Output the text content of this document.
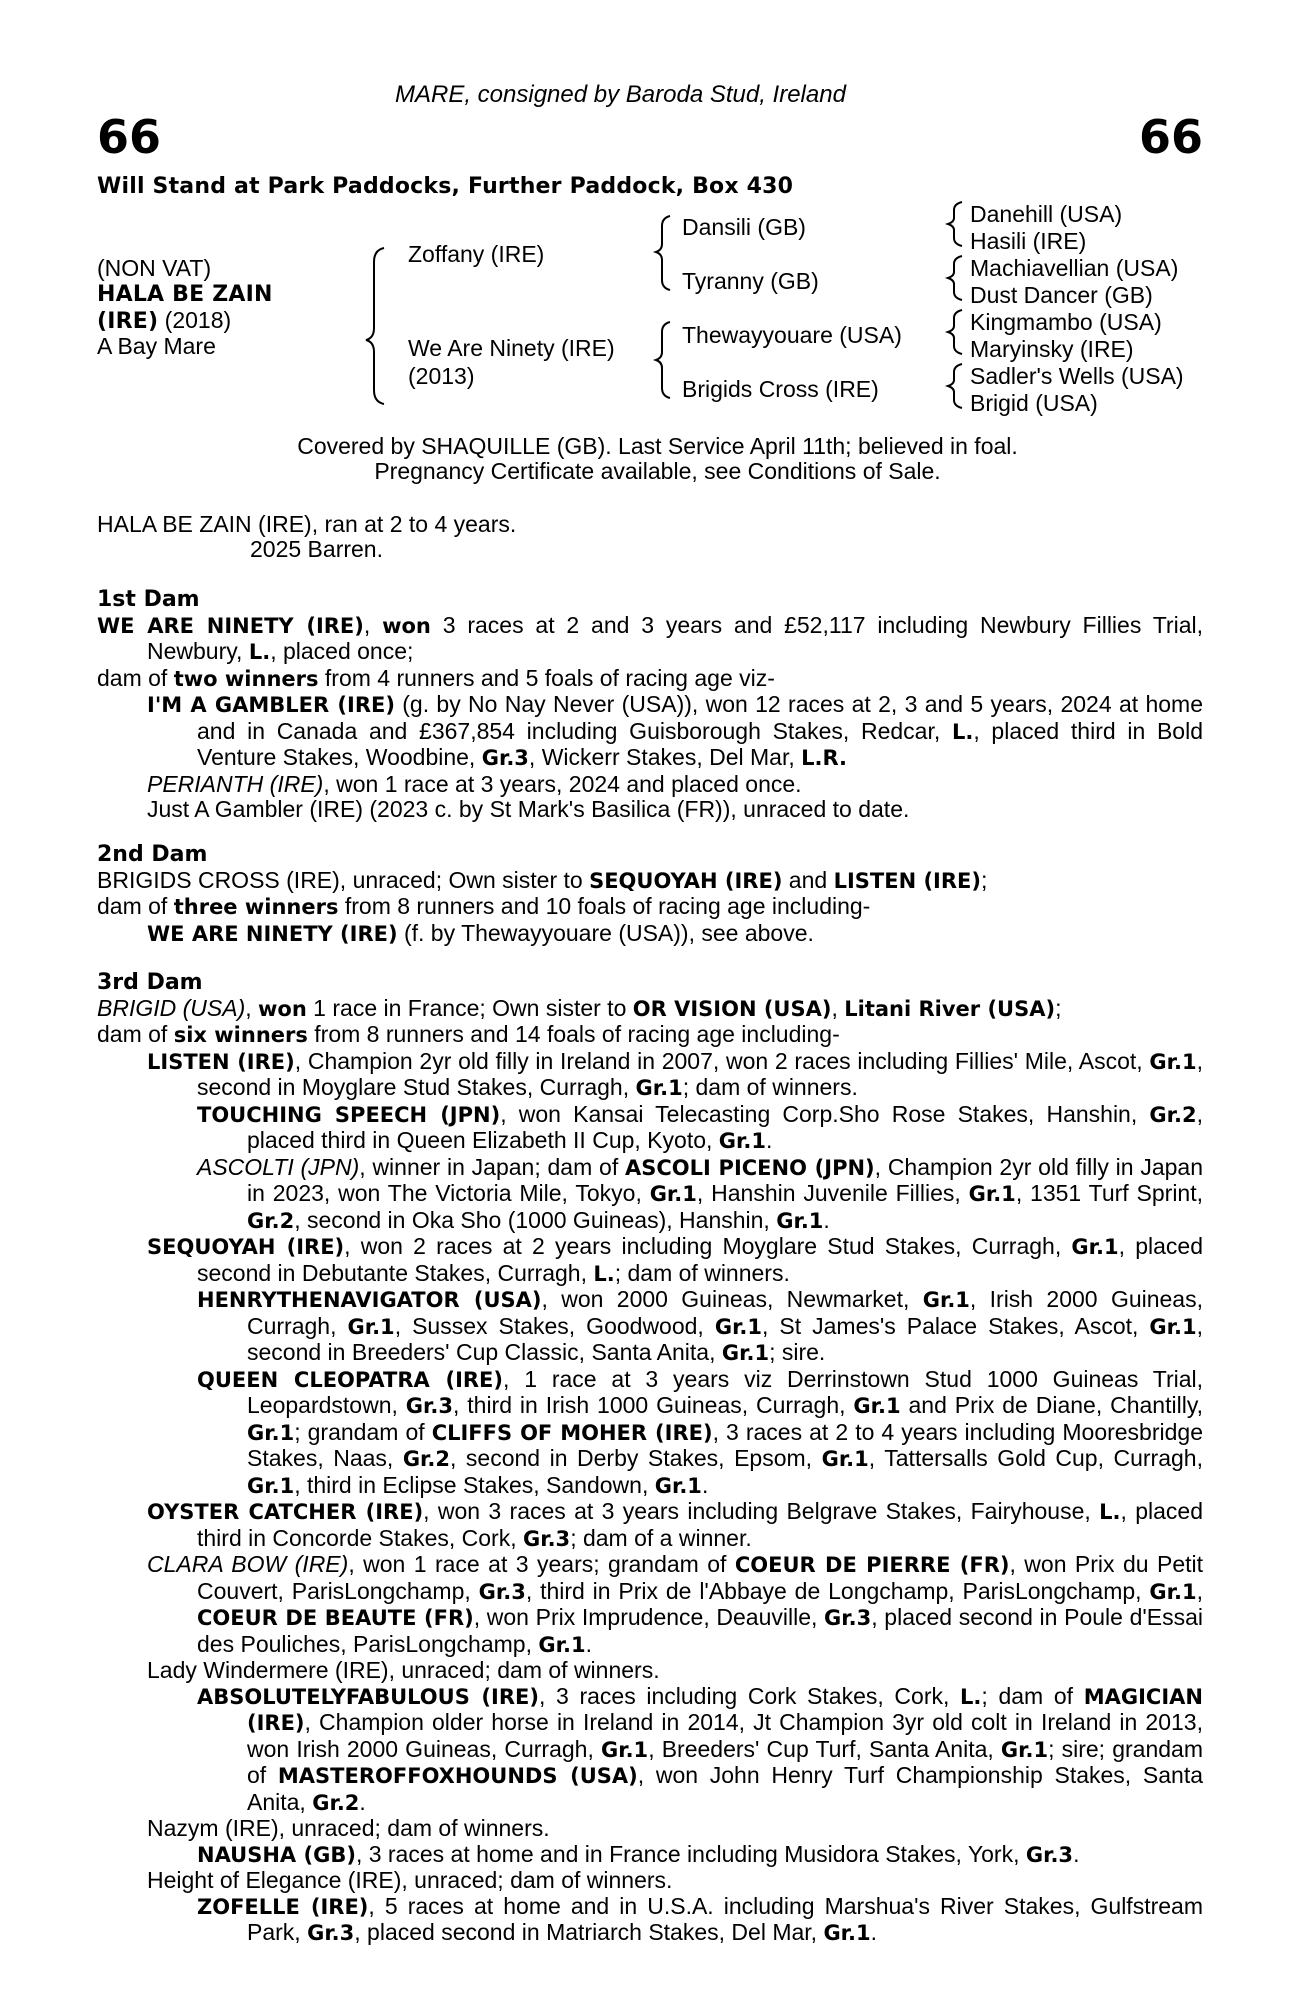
66	66
MARE, consigned by Baroda Stud, Ireland
Will Stand at Park Paddocks, Further Paddock, Box 430
(NON VAT)
HALA BE ZAIN
(IRE) (2018)
A Bay Mare
Zoffany (IRE)
We Are Ninety (IRE)
(2013)
Dansili (GB)
Tyranny (GB)
Thewayyouare (USA)
Brigids Cross (IRE)
Danehill (USA)
Hasili (IRE)
Machiavellian (USA)
Dust Dancer (GB)
Kingmambo (USA)
Maryinsky (IRE)
Sadler's Wells (USA)
Brigid (USA)
Covered by SHAQUILLE (GB). Last Service April 11th; believed in foal.
Pregnancy Certificate available, see Conditions of Sale.
HALA BE ZAIN (IRE), ran at 2 to 4 years.
2025 Barren.

1st Dam

WE ARE NINETY (IRE), won 3 races at 2 and 3 years and £52,117 including Newbury Fillies Trial, Newbury, L., placed once;

dam of two winners from 4 runners and 5 foals of racing age viz-

I'M A GAMBLER (IRE) (g. by No Nay Never (USA)), won 12 races at 2, 3 and 5 years, 2024 at home and in Canada and £367,854 including Guisborough Stakes, Redcar, L., placed third in Bold Venture Stakes, Woodbine, Gr.3, Wickerr Stakes, Del Mar, L.R.

PERIANTH (IRE), won 1 race at 3 years, 2024 and placed once.

Just A Gambler (IRE) (2023 c. by St Mark's Basilica (FR)), unraced to date.

2nd Dam

BRIGIDS CROSS (IRE), unraced; Own sister to SEQUOYAH (IRE) and LISTEN (IRE);

dam of three winners from 8 runners and 10 foals of racing age including-

WE ARE NINETY (IRE) (f. by Thewayyouare (USA)), see above.

3rd Dam

BRIGID (USA), won 1 race in France; Own sister to OR VISION (USA), Litani River (USA);

dam of six winners from 8 runners and 14 foals of racing age including-

LISTEN (IRE), Champion 2yr old filly in Ireland in 2007, won 2 races including Fillies' Mile, Ascot, Gr.1, second in Moyglare Stud Stakes, Curragh, Gr.1; dam of winners.

TOUCHING SPEECH (JPN), won Kansai Telecasting Corp.Sho Rose Stakes, Hanshin, Gr.2, placed third in Queen Elizabeth II Cup, Kyoto, Gr.1.

ASCOLTI (JPN), winner in Japan; dam of ASCOLI PICENO (JPN), Champion 2yr old filly in Japan in 2023, won The Victoria Mile, Tokyo, Gr.1, Hanshin Juvenile Fillies, Gr.1, 1351 Turf Sprint, Gr.2, second in Oka Sho (1000 Guineas), Hanshin, Gr.1.

SEQUOYAH (IRE), won 2 races at 2 years including Moyglare Stud Stakes, Curragh, Gr.1, placed second in Debutante Stakes, Curragh, L.; dam of winners.

HENRYTHENAVIGATOR (USA), won 2000 Guineas, Newmarket, Gr.1, Irish 2000 Guineas, Curragh, Gr.1, Sussex Stakes, Goodwood, Gr.1, St James's Palace Stakes, Ascot, Gr.1, second in Breeders' Cup Classic, Santa Anita, Gr.1; sire.

QUEEN CLEOPATRA (IRE), 1 race at 3 years viz Derrinstown Stud 1000 Guineas Trial, Leopardstown, Gr.3, third in Irish 1000 Guineas, Curragh, Gr.1 and Prix de Diane, Chantilly, Gr.1; grandam of CLIFFS OF MOHER (IRE), 3 races at 2 to 4 years including Mooresbridge Stakes, Naas, Gr.2, second in Derby Stakes, Epsom, Gr.1, Tattersalls Gold Cup, Curragh, Gr.1, third in Eclipse Stakes, Sandown, Gr.1.

OYSTER CATCHER (IRE), won 3 races at 3 years including Belgrave Stakes, Fairyhouse, L., placed third in Concorde Stakes, Cork, Gr.3; dam of a winner.

CLARA BOW (IRE), won 1 race at 3 years; grandam of COEUR DE PIERRE (FR), won Prix du Petit Couvert, ParisLongchamp, Gr.3, third in Prix de l'Abbaye de Longchamp, ParisLongchamp, Gr.1, COEUR DE BEAUTE (FR), won Prix Imprudence, Deauville, Gr.3, placed second in Poule d'Essai des Pouliches, ParisLongchamp, Gr.1.

Lady Windermere (IRE), unraced; dam of winners.

ABSOLUTELYFABULOUS (IRE), 3 races including Cork Stakes, Cork, L.; dam of MAGICIAN (IRE), Champion older horse in Ireland in 2014, Jt Champion 3yr old colt in Ireland in 2013, won Irish 2000 Guineas, Curragh, Gr.1, Breeders' Cup Turf, Santa Anita, Gr.1; sire; grandam of MASTEROFFOXHOUNDS (USA), won John Henry Turf Championship Stakes, Santa Anita, Gr.2.

Nazym (IRE), unraced; dam of winners.

NAUSHA (GB), 3 races at home and in France including Musidora Stakes, York, Gr.3.

Height of Elegance (IRE), unraced; dam of winners.

ZOFELLE (IRE), 5 races at home and in U.S.A. including Marshua's River Stakes, Gulfstream Park, Gr.3, placed second in Matriarch Stakes, Del Mar, Gr.1.
